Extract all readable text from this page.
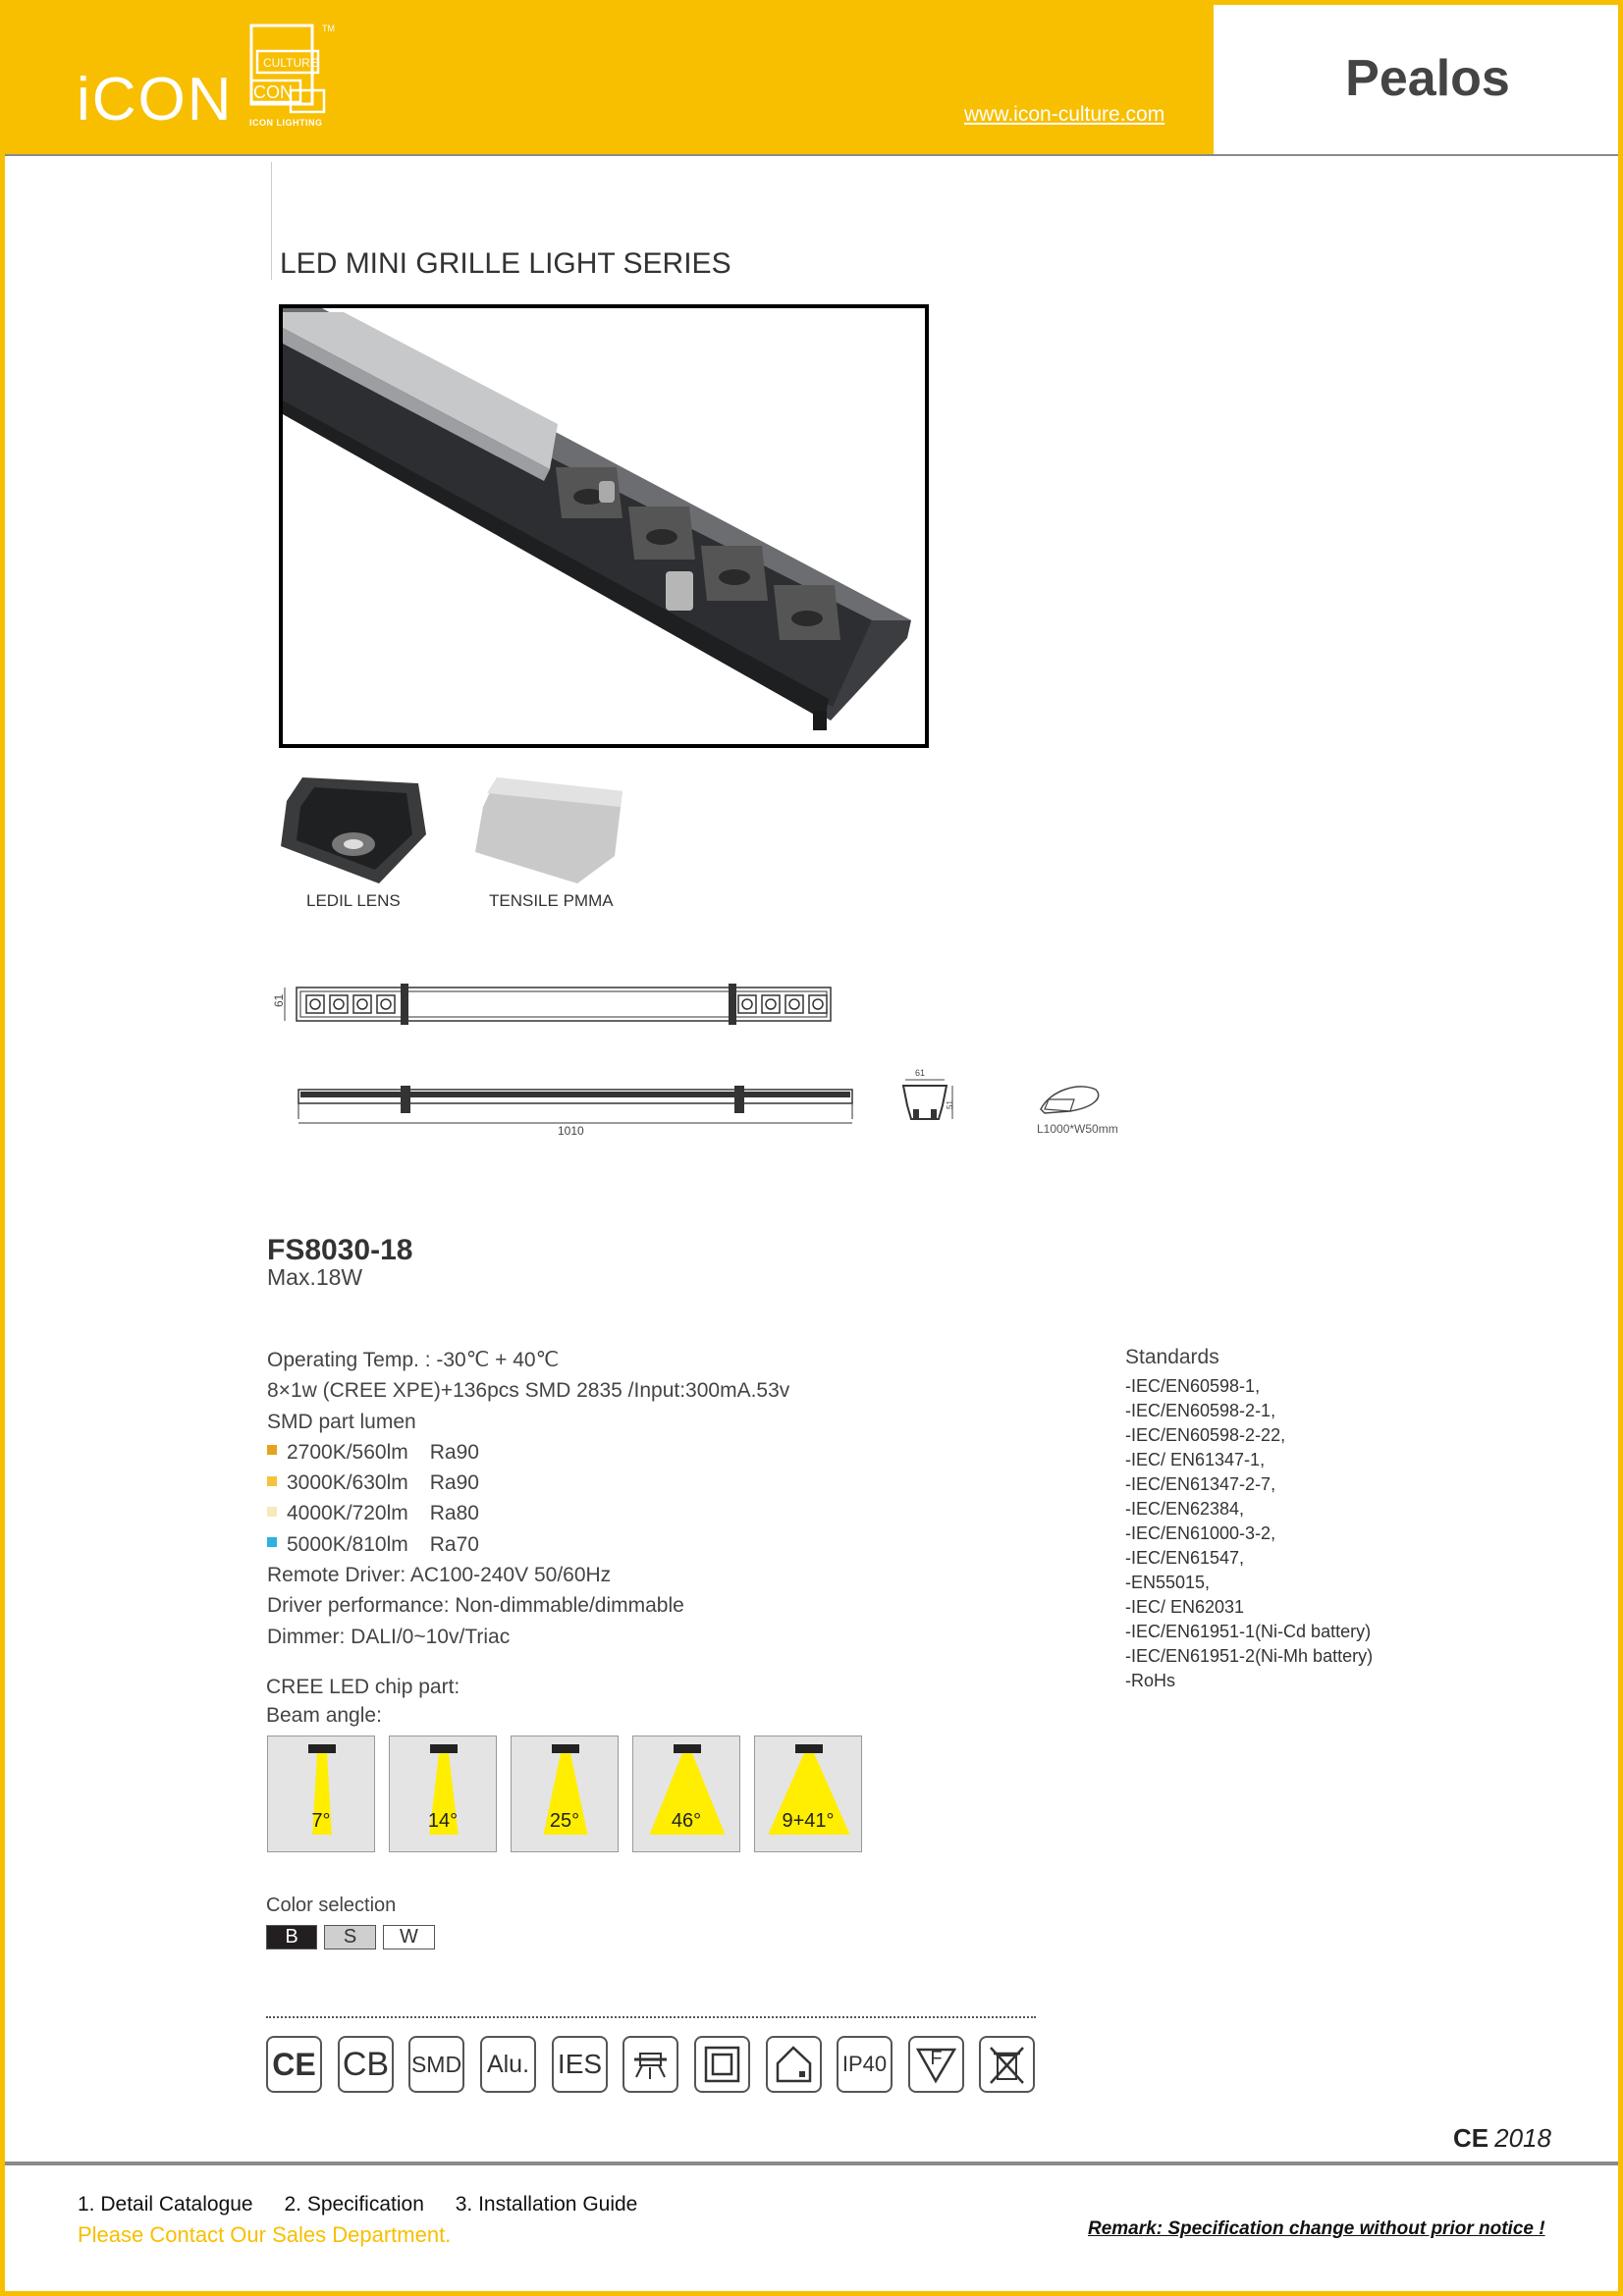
iCON
CULTURE
CON
TM
ICON LIGHTING	www.icon-culture.com
Pealos
LED MINI GRILLE LIGHT SERIES
LEDIL LENS	TENSILE PMMA
61
1010
61
51
L1000*W50mm
FS8030-18
Max.18W
Operating Temp. : -30℃ + 40℃
8×1w (CREE XPE)+136pcs SMD 2835 /Input:300mA.53v
SMD part lumen
2700K/560lm Ra90
3000K/630lm Ra90
4000K/720lm Ra80
5000K/810lm Ra70
Remote Driver: AC100-240V 50/60Hz
Driver performance: Non-dimmable/dimmable
Dimmer: DALI/0~10v/Triac
CREE LED chip part:
Beam angle:
7°	14°	25°	46°	9+41°
Color selection
B	S	W
CE CB SMD Alu. IES	IP40	$^F$
Standards
-IEC/EN60598-1,
-IEC/EN60598-2-1,
-IEC/EN60598-2-22,
-IEC/ EN61347-1,
-IEC/EN61347-2-7,
-IEC/EN62384,
-IEC/EN61000-3-2,
-IEC/EN61547,
-EN55015,
-IEC/ EN62031
-IEC/EN61951-1(Ni-Cd battery)
-IEC/EN61951-2(Ni-Mh battery)
-RoHs
CE 2018
1. Detail Catalogue 2. Specification 3. Installation Guide
Please Contact Our Sales Department.	Remark: Specification change without prior notice !
